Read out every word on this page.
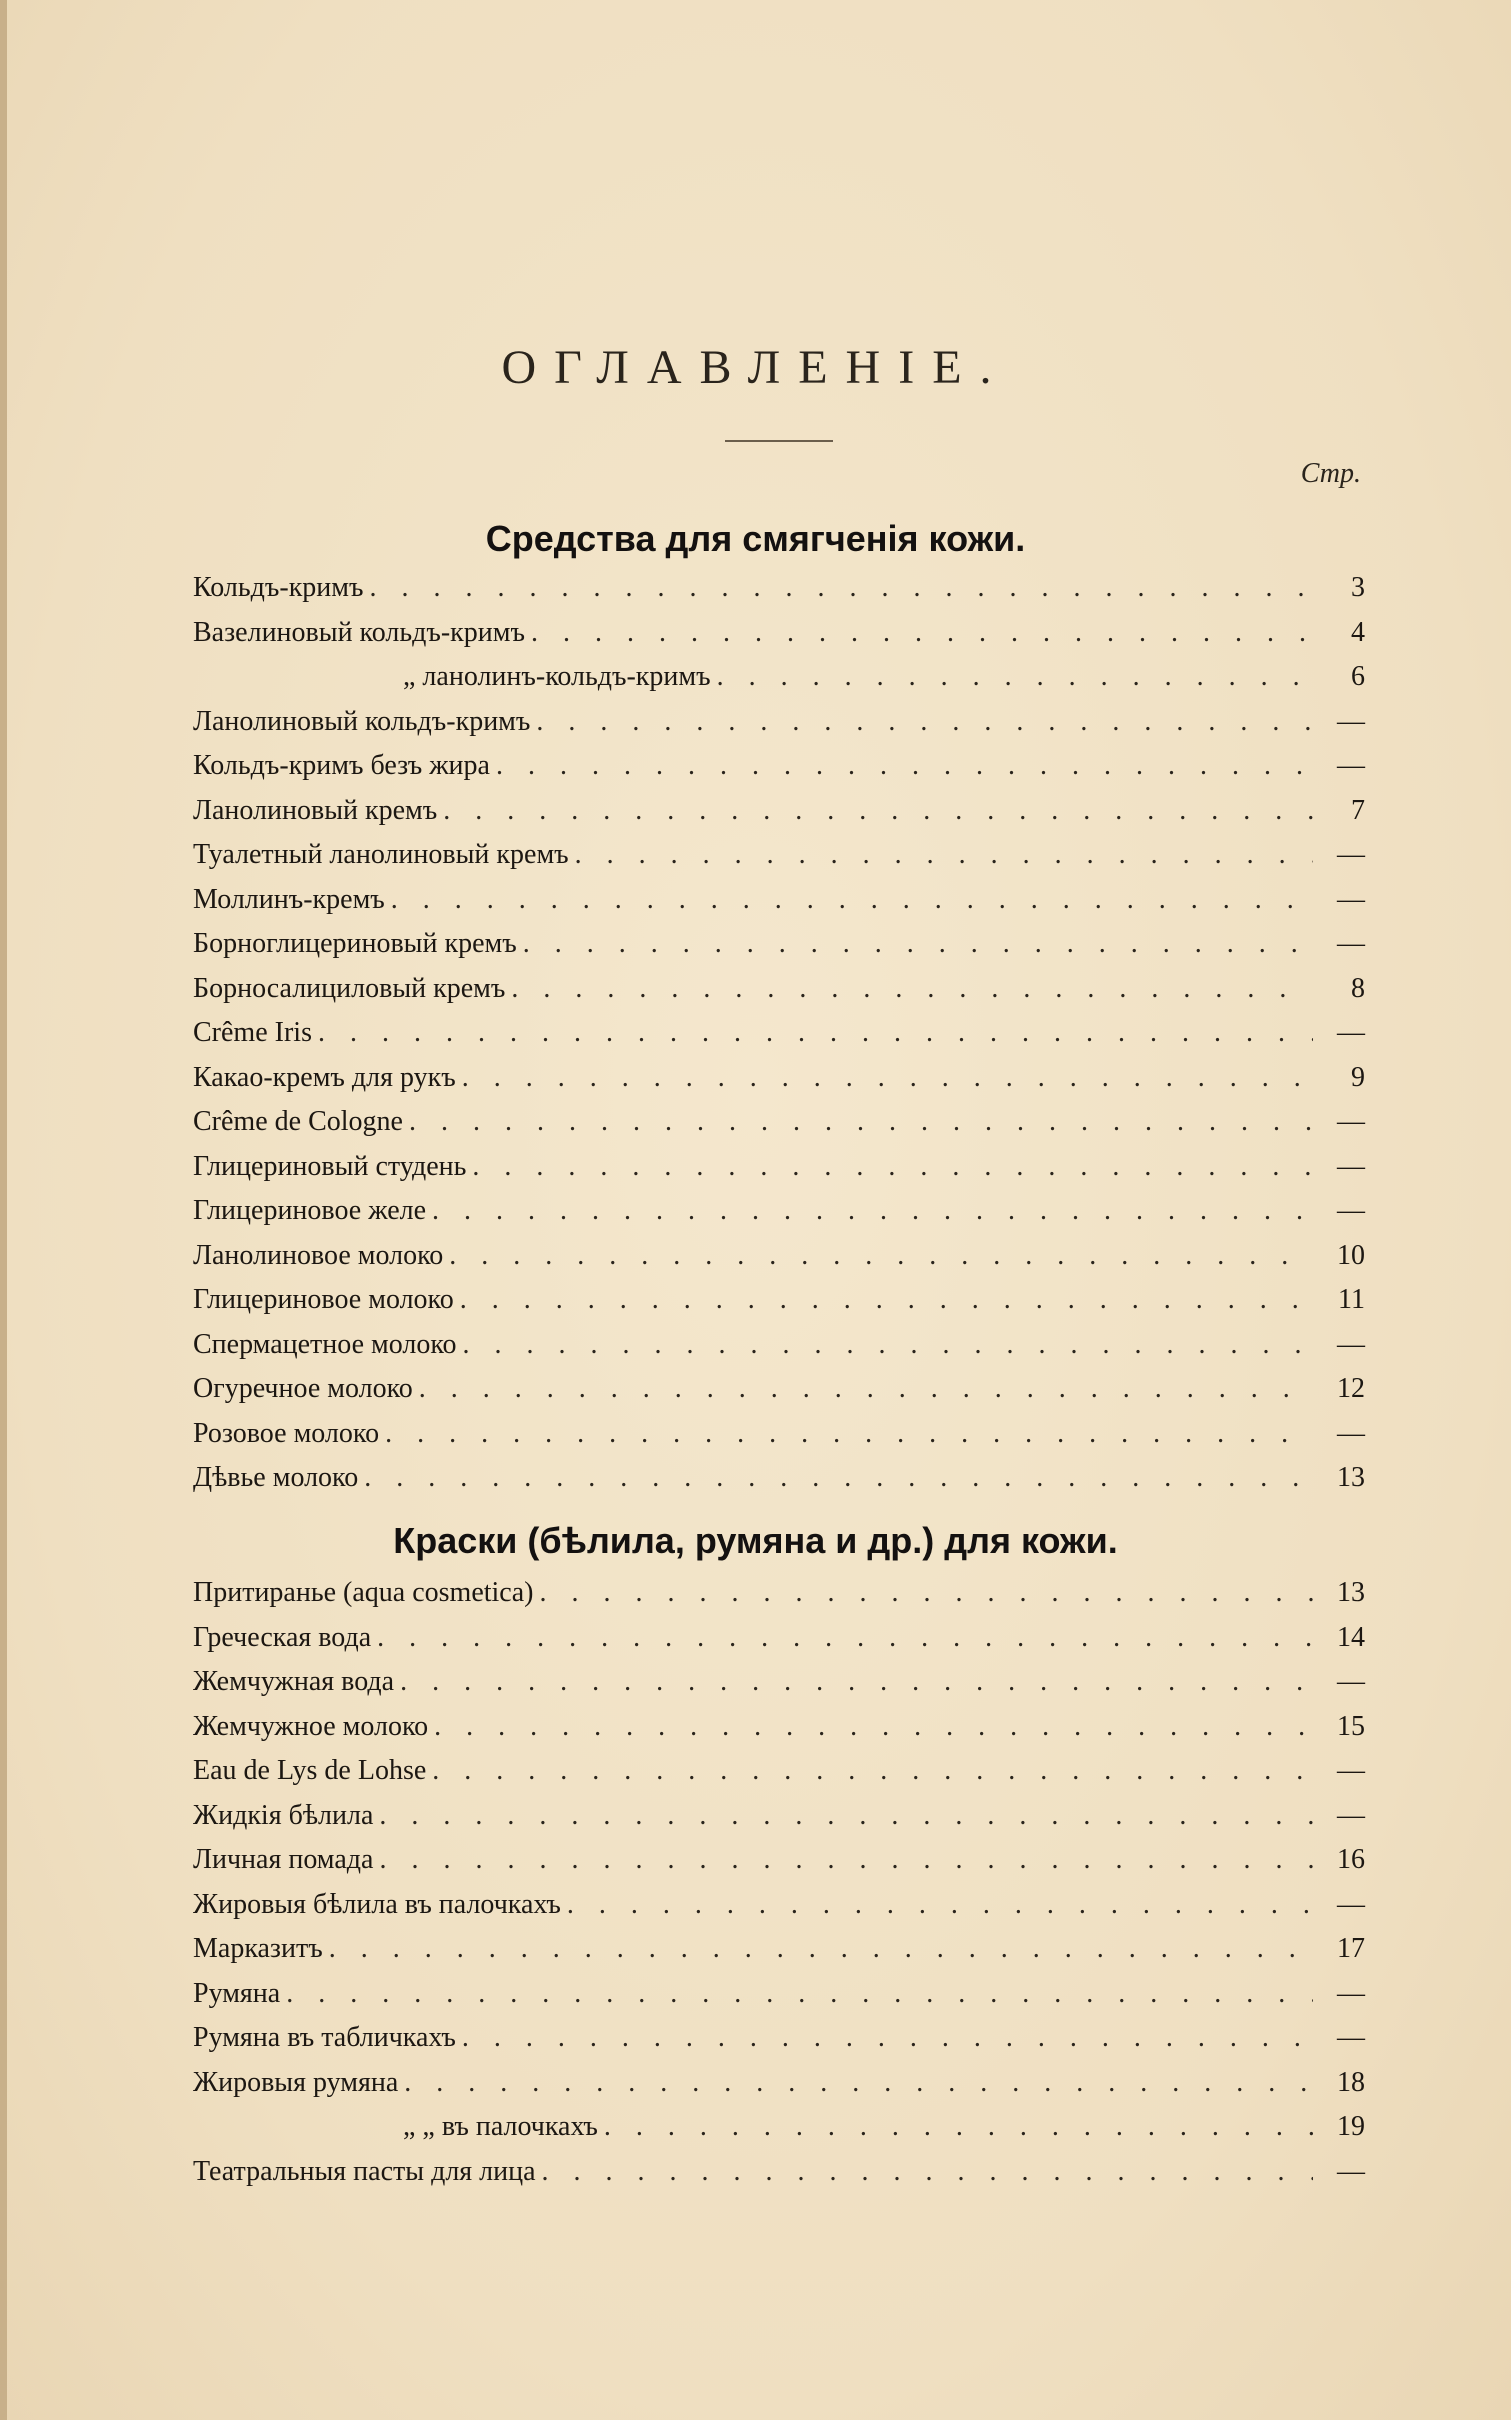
ОГЛАВЛЕНIЕ.
Стр.
Средства для смягченiя кожи.
Кольдъ-кримъ . . .	3
Вазелиновый кольдъ-кримъ . . .	4
„ ланолинъ-кольдъ-кримъ . . .	6
Ланолиновый кольдъ-кримъ . . .	—
Кольдъ-кримъ безъ жира . . .	—
Ланолиновый кремъ . . .	7
Туалетный ланолиновый кремъ . . .	—
Моллинъ-кремъ . . .	—
Борноглицериновый кремъ . . .	—
Борносалициловый кремъ . . .	8
Crême Iris . . .	—
Какао-кремъ для рукъ . . .	9
Crême de Cologne . . .	—
Глицериновый студень . . .	—
Глицериновое желе . . .	—
Ланолиновое молоко . . .	10
Глицериновое молоко . . .	11
Спермацетное молоко . . .	—
Огуречное молоко . . .	12
Розовое молоко . . .	—
Дѣвье молоко . . .	13
Краски (бѣлила, румяна и др.) для кожи.
Притиранье (aqua cosmetica) . . .	13
Греческая вода . . .	14
Жемчужная вода . . .	—
Жемчужное молоко . . .	15
Eau de Lys de Lohse . . .	—
Жидкiя бѣлила . . .	—
Личная помада . . .	16
Жировыя бѣлила въ палочкахъ . . .	—
Марказитъ . . .	17
Румяна . . .	—
Румяна въ табличкахъ . . .	—
Жировыя румяна . . .	18
„ „ въ палочкахъ . . .	19
Театральныя пасты для лица . . .	—
